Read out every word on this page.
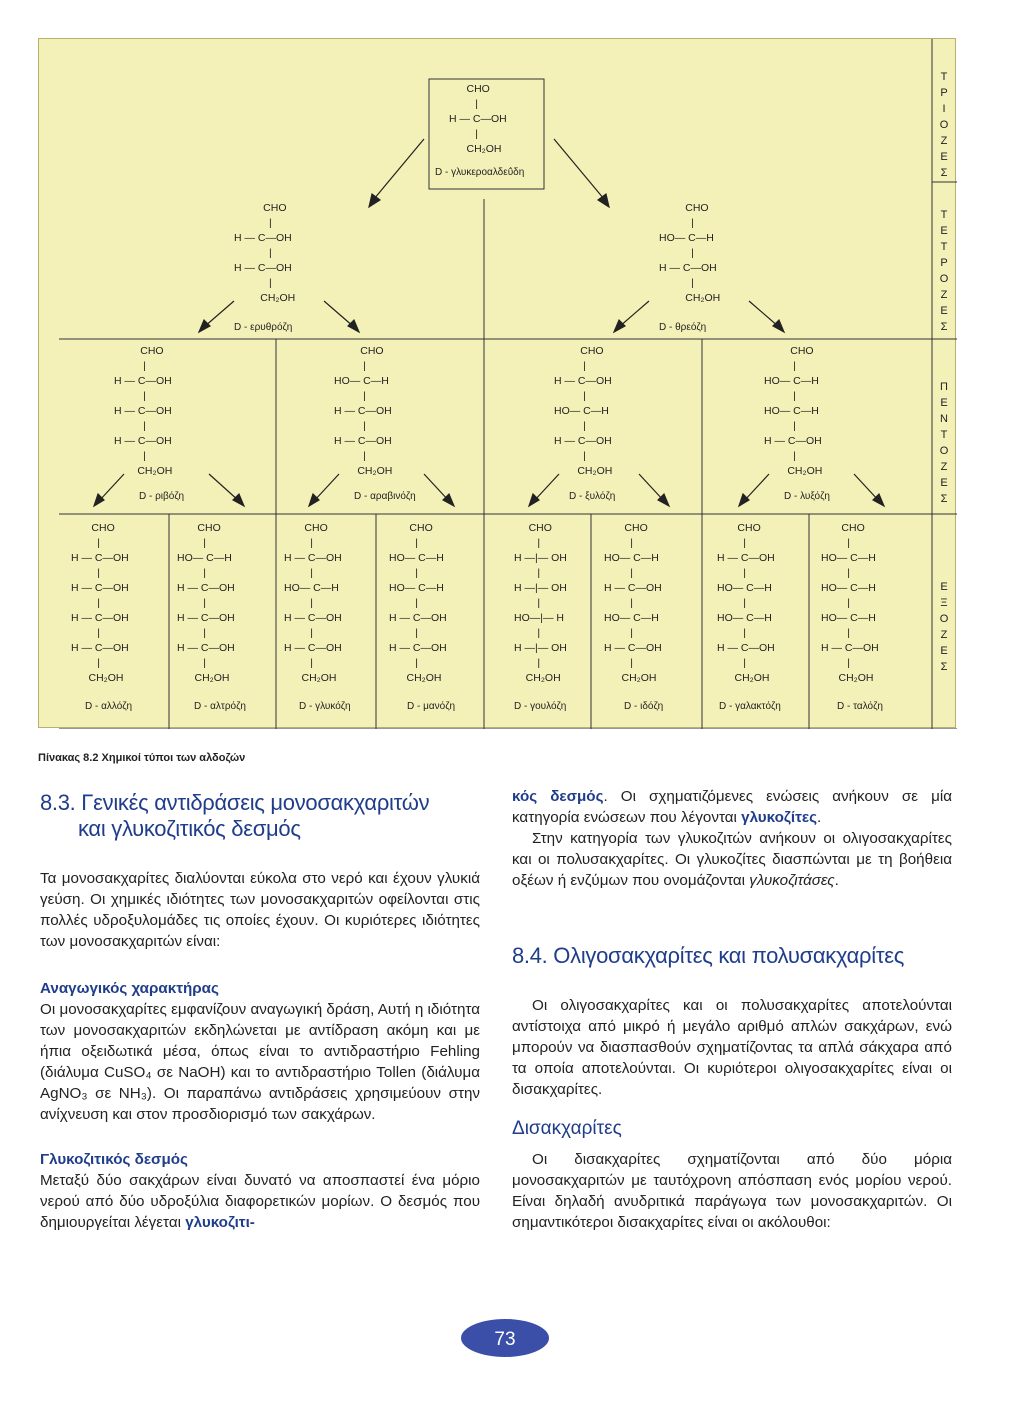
Τ
Ρ
Ι
Ο
Ζ
Ε
Σ
Τ
Ε
Τ
Ρ
Ο
Ζ
Ε
Σ
Π
Ε
Ν
Τ
Ο
Ζ
Ε
Σ
Ε
Ξ
Ο
Ζ
Ε
Σ
CHO
|
H — C—OH
|
CH₂OH
D - γλυκεροαλδεΰδη
CHO
|
H — C—OH
|
H — C—OH
|
CH₂OH
D - ερυθρόζη
CHO
|
HO— C—H
|
H — C—OH
|
CH₂OH
D - θρεόζη
CHO
|
H — C—OH
|
H — C—OH
|
H — C—OH
|
CH₂OH
D - ριβόζη
CHO
|
HO— C—H
|
H — C—OH
|
H — C—OH
|
CH₂OH
D - αραβινόζη
CHO
|
H — C—OH
|
HO— C—H
|
H — C—OH
|
CH₂OH
D - ξυλόζη
CHO
|
HO— C—H
|
HO— C—H
|
H — C—OH
|
CH₂OH
D - λυξόζη
CHO
|
H — C—OH
|
H — C—OH
|
H — C—OH
|
H — C—OH
|
CH₂OH
D - αλλόζη
CHO
|
HO— C—H
|
H — C—OH
|
H — C—OH
|
H — C—OH
|
CH₂OH
D - αλτρόζη
CHO
|
H — C—OH
|
HO— C—H
|
H — C—OH
|
H — C—OH
|
CH₂OH
D - γλυκόζη
CHO
|
HO— C—H
|
HO— C—H
|
H — C—OH
|
H — C—OH
|
CH₂OH
D - μανόζη
CHO
|
H —|— OH
|
H —|— OH
|
HO—|— H
|
H —|— OH
|
CH₂OH
D - γουλόζη
CHO
|
HO— C—H
|
H — C—OH
|
HO— C—H
|
H — C—OH
|
CH₂OH
D - ιδόζη
CHO
|
H — C—OH
|
HO— C—H
|
HO— C—H
|
H — C—OH
|
CH₂OH
D - γαλακτόζη
CHO
|
HO— C—H
|
HO— C—H
|
HO— C—H
|
H — C—OH
|
CH₂OH
D - ταλόζη
Πίνακας 8.2 Χημικοί τύποι των αλδοζών
8.3. Γενικές αντιδράσεις μονοσακχαριτών
και γλυκοζιτικός δεσμός

Τα μονοσακχαρίτες διαλύονται εύκολα στο νερό και έχουν γλυκιά γεύση. Οι χημικές ιδιότητες των μονοσακχαριτών οφείλονται στις πολλές υδροξυλομάδες τις οποίες έχουν. Οι κυριότερες ιδιότητες των μονοσακχαριτών είναι:

Αναγωγικός χαρακτήρας

Οι μονοσακχαρίτες εμφανίζουν αναγωγική δράση, Αυτή η ιδιότητα των μονοσακχαριτών εκδηλώνεται με αντίδραση ακόμη και με ήπια οξειδωτικά μέσα, όπως είναι το αντιδραστήριο Fehling (διάλυμα CuSO₄ σε NaOH) και το αντιδραστήριο Tollen (διάλυμα AgNO₃ σε NH₃). Οι παραπάνω αντιδράσεις χρησιμεύουν στην ανίχνευση και στον προσδιορισμό των σακχάρων.

Γλυκοζιτικός δεσμός

Μεταξύ δύο σακχάρων είναι δυνατό να αποσπαστεί ένα μόριο νερού από δύο υδροξύλια διαφορετικών μορίων. Ο δεσμός που δημιουργείται λέγεται γλυκοζιτι-

κός δεσμός. Οι σχηματιζόμενες ενώσεις ανήκουν σε μία κατηγορία ενώσεων που λέγονται γλυκοζίτες.

Στην κατηγορία των γλυκοζιτών ανήκουν οι ολιγοσακχαρίτες και οι πολυσακχαρίτες. Οι γλυκοζίτες διασπώνται με τη βοήθεια οξέων ή ενζύμων που ονομάζονται γλυκοζιτάσες.

8.4. Ολιγοσακχαρίτες και πολυσακχαρίτες

Οι ολιγοσακχαρίτες και οι πολυσακχαρίτες αποτελούνται αντίστοιχα από μικρό ή μεγάλο αριθμό απλών σακχάρων, ενώ μπορούν να διασπασθούν σχηματίζοντας τα απλά σάκχαρα από τα οποία αποτελούνται. Οι κυριότεροι ολιγοσακχαρίτες είναι οι δισακχαρίτες.

Δισακχαρίτες

Οι δισακχαρίτες σχηματίζονται από δύο μόρια μονοσακχαριτών με ταυτόχρονη απόσπαση ενός μορίου νερού. Είναι δηλαδή ανυδριτικά παράγωγα των μονοσακχαριτών. Οι σημαντικότεροι δισακχαρίτες είναι οι ακόλουθοι:

73
